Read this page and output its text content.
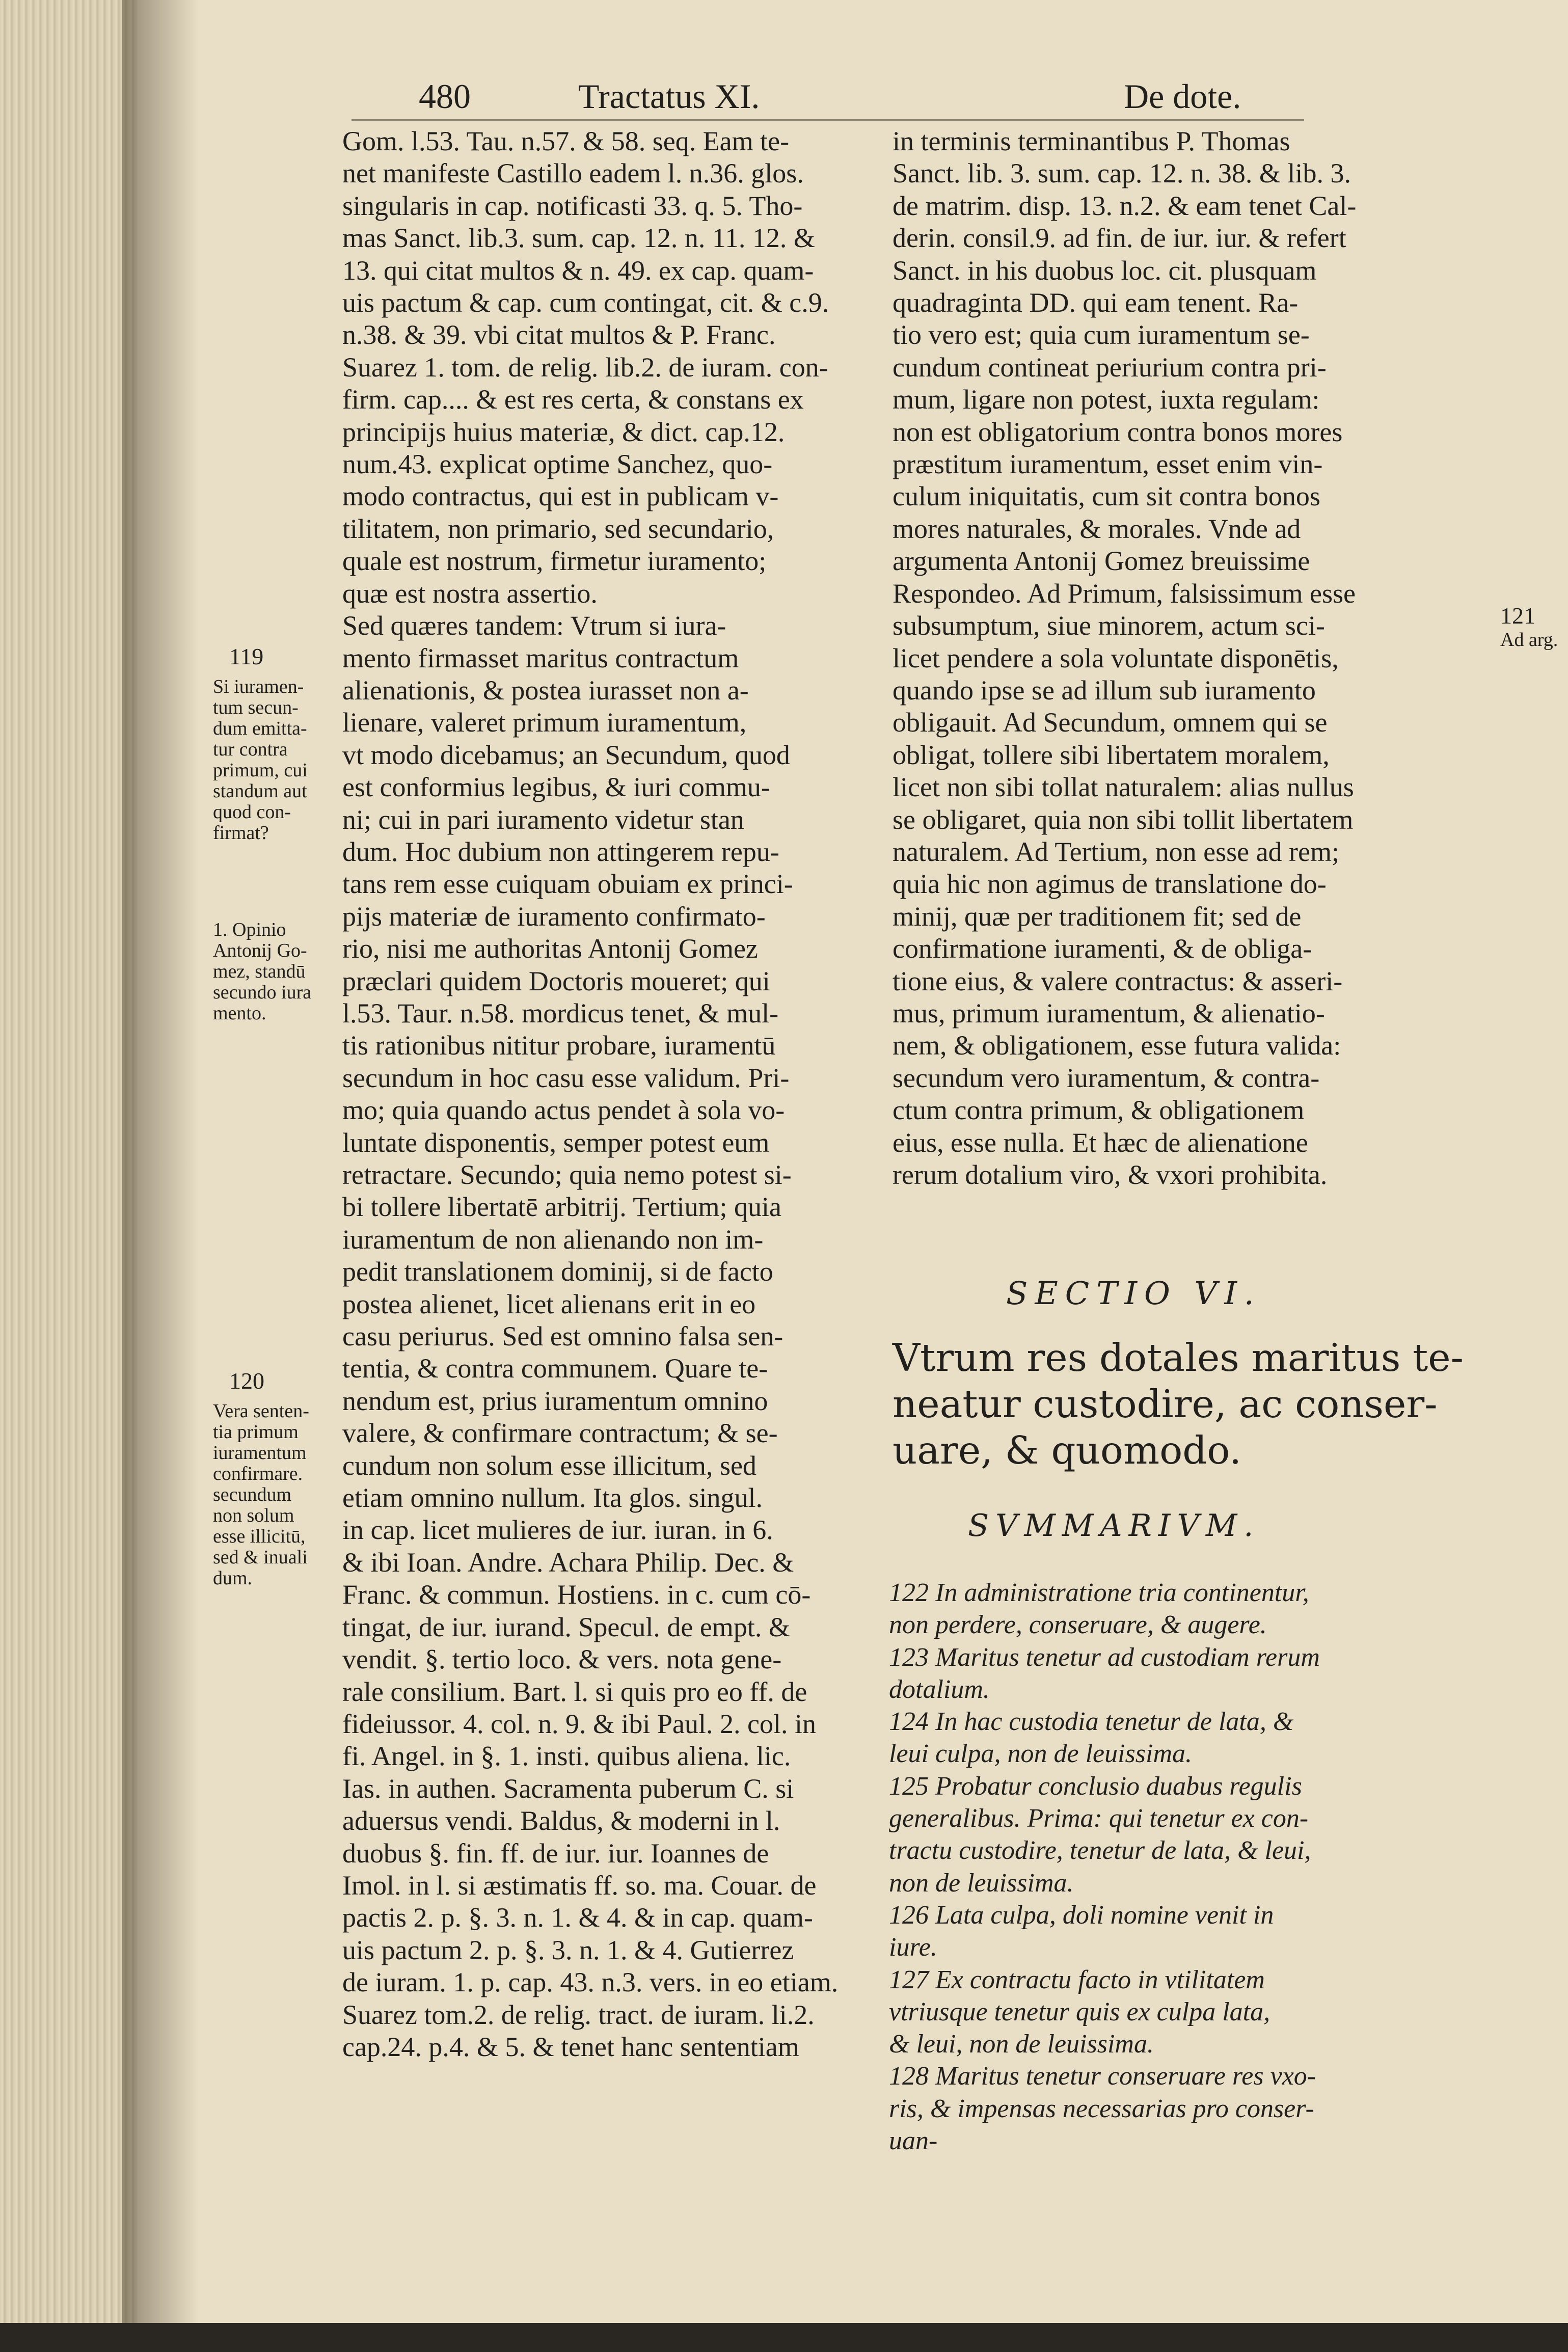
480	Tractatus XI.	De dote.

Gom. l.53. Tau. n.57. & 58. seq. Eam te-

net manifeste Castillo eadem l. n.36. glos.

singularis in cap. notificasti 33. q. 5. Tho-

mas Sanct. lib.3. sum. cap. 12. n. 11. 12. &

13. qui citat multos & n. 49. ex cap. quam-

uis pactum & cap. cum contingat, cit. & c.9.

n.38. & 39. vbi citat multos & P. Franc.

Suarez 1. tom. de relig. lib.2. de iuram. con-

firm. cap.... & est res certa, & constans ex

principijs huius materiæ, & dict. cap.12.

num.43. explicat optime Sanchez, quo-

modo contractus, qui est in publicam v-

tilitatem, non primario, sed secundario,

quale est nostrum, firmetur iuramento;

quæ est nostra assertio.

Sed quæres tandem: Vtrum si iura-

mento firmasset maritus contractum

alienationis, & postea iurasset non a-

lienare, valeret primum iuramentum,

vt modo dicebamus; an Secundum, quod

est conformius legibus, & iuri commu-

ni; cui in pari iuramento videtur stan

dum. Hoc dubium non attingerem repu-

tans rem esse cuiquam obuiam ex princi-

pijs materiæ de iuramento confirmato-

rio, nisi me authoritas Antonij Gomez

præclari quidem Doctoris moueret; qui

l.53. Taur. n.58. mordicus tenet, & mul-

tis rationibus nititur probare, iuramentū

secundum in hoc casu esse validum. Pri-

mo; quia quando actus pendet à sola vo-

luntate disponentis, semper potest eum

retractare. Secundo; quia nemo potest si-

bi tollere libertatē arbitrij. Tertium; quia

iuramentum de non alienando non im-

pedit translationem dominij, si de facto

postea alienet, licet alienans erit in eo

casu periurus. Sed est omnino falsa sen-

tentia, & contra communem. Quare te-

nendum est, prius iuramentum omnino

valere, & confirmare contractum; & se-

cundum non solum esse illicitum, sed

etiam omnino nullum. Ita glos. singul.

in cap. licet mulieres de iur. iuran. in 6.

& ibi Ioan. Andre. Achara Philip. Dec. &

Franc. & commun. Hostiens. in c. cum cō-

tingat, de iur. iurand. Specul. de empt. &

vendit. §. tertio loco. & vers. nota gene-

rale consilium. Bart. l. si quis pro eo ff. de

fideiussor. 4. col. n. 9. & ibi Paul. 2. col. in

fi. Angel. in §. 1. insti. quibus aliena. lic.

Ias. in authen. Sacramenta puberum C. si

aduersus vendi. Baldus, & moderni in l.

duobus §. fin. ff. de iur. iur. Ioannes de

Imol. in l. si æstimatis ff. so. ma. Couar. de

pactis 2. p. §. 3. n. 1. & 4. & in cap. quam-

uis pactum 2. p. §. 3. n. 1. & 4. Gutierrez

de iuram. 1. p. cap. 43. n.3. vers. in eo etiam.

Suarez tom.2. de relig. tract. de iuram. li.2.

cap.24. p.4. & 5. & tenet hanc sententiam

in terminis terminantibus P. Thomas

Sanct. lib. 3. sum. cap. 12. n. 38. & lib. 3.

de matrim. disp. 13. n.2. & eam tenet Cal-

derin. consil.9. ad fin. de iur. iur. & refert

Sanct. in his duobus loc. cit. plusquam

quadraginta DD. qui eam tenent. Ra-

tio vero est; quia cum iuramentum se-

cundum contineat periurium contra pri-

mum, ligare non potest, iuxta regulam:

non est obligatorium contra bonos mores

præstitum iuramentum, esset enim vin-

culum iniquitatis, cum sit contra bonos

mores naturales, & morales. Vnde ad

argumenta Antonij Gomez breuissime

Respondeo. Ad Primum, falsissimum esse

subsumptum, siue minorem, actum sci-

licet pendere a sola voluntate disponētis,

quando ipse se ad illum sub iuramento

obligauit. Ad Secundum, omnem qui se

obligat, tollere sibi libertatem moralem,

licet non sibi tollat naturalem: alias nullus

se obligaret, quia non sibi tollit libertatem

naturalem. Ad Tertium, non esse ad rem;

quia hic non agimus de translatione do-

minij, quæ per traditionem fit; sed de

confirmatione iuramenti, & de obliga-

tione eius, & valere contractus: & asseri-

mus, primum iuramentum, & alienatio-

nem, & obligationem, esse futura valida:

secundum vero iuramentum, & contra-

ctum contra primum, & obligationem

eius, esse nulla. Et hæc de alienatione

rerum dotalium viro, & vxori prohibita.

119
Si iuramen-
tum secun-
dum emitta-
tur contra
primum, cui
standum aut
quod con-
firmat?
1. Opinio
Antonij Go-
mez, standū
secundo iura
mento.
120
Vera senten-
tia primum
iuramentum
confirmare.
secundum
non solum
esse illicitū,
sed & inuali
dum.
121
Ad arg.
SECTIO VI.

Vtrum res dotales maritus te-

neatur custodire, ac conser-

uare, & quomodo.

SVMMARIVM.

122 In administratione tria continentur,

non perdere, conseruare, & augere.

123 Maritus tenetur ad custodiam rerum

dotalium.

124 In hac custodia tenetur de lata, &

leui culpa, non de leuissima.

125 Probatur conclusio duabus regulis

generalibus. Prima: qui tenetur ex con-

tractu custodire, tenetur de lata, & leui,

non de leuissima.

126 Lata culpa, doli nomine venit in

iure.

127 Ex contractu facto in vtilitatem

vtriusque tenetur quis ex culpa lata,

& leui, non de leuissima.

128 Maritus tenetur conseruare res vxo-

ris, & impensas necessarias pro conser-

uan-
